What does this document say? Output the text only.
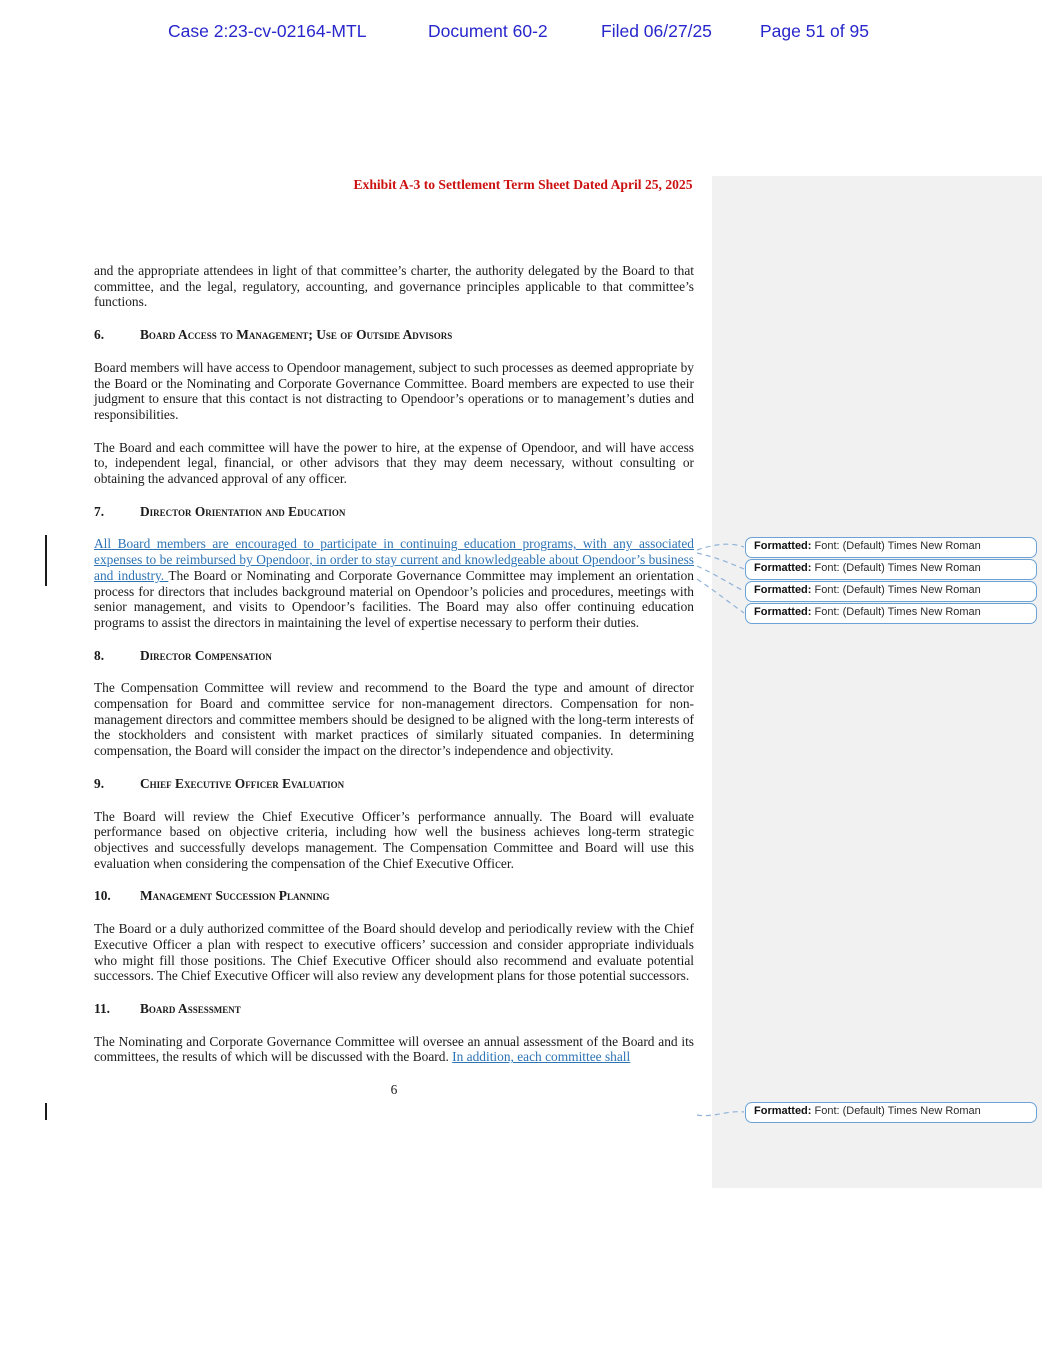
Case 2:23-cv-02164-MTL	Document 60-2	Filed 06/27/25	Page 51 of 95
Exhibit A-3 to Settlement Term Sheet Dated April 25, 2025

and the appropriate attendees in light of that committee’s charter, the authority delegated by the Board to that committee, and the legal, regulatory, accounting, and governance principles applicable to that committee’s functions.

6.	Board Access to Management; Use of Outside Advisors

Board members will have access to Opendoor management, subject to such processes as deemed appropriate by the Board or the Nominating and Corporate Governance Committee. Board members are expected to use their judgment to ensure that this contact is not distracting to Opendoor’s operations or to management’s duties and responsibilities.

The Board and each committee will have the power to hire, at the expense of Opendoor, and will have access to, independent legal, financial, or other advisors that they may deem necessary, without consulting or obtaining the advanced approval of any officer.

7.	Director Orientation and Education

All Board members are encouraged to participate in continuing education programs, with any associated expenses to be reimbursed by Opendoor, in order to stay current and knowledgeable about Opendoor’s business and industry. The Board or Nominating and Corporate Governance Committee may implement an orientation process for directors that includes background material on Opendoor’s policies and procedures, meetings with senior management, and visits to Opendoor’s facilities. The Board may also offer continuing education programs to assist the directors in maintaining the level of expertise necessary to perform their duties.

8.	Director Compensation

The Compensation Committee will review and recommend to the Board the type and amount of director compensation for Board and committee service for non-management directors. Compensation for non-management directors and committee members should be designed to be aligned with the long-term interests of the stockholders and consistent with market practices of similarly situated companies. In determining compensation, the Board will consider the impact on the director’s independence and objectivity.

9.	Chief Executive Officer Evaluation

The Board will review the Chief Executive Officer’s performance annually. The Board will evaluate performance based on objective criteria, including how well the business achieves long-term strategic objectives and successfully develops management. The Compensation Committee and Board will use this evaluation when considering the compensation of the Chief Executive Officer.

10. Management Succession Planning

The Board or a duly authorized committee of the Board should develop and periodically review with the Chief Executive Officer a plan with respect to executive officers’ succession and consider appropriate individuals who might fill those positions. The Chief Executive Officer should also recommend and evaluate potential successors. The Chief Executive Officer will also review any development plans for those potential successors.

11. Board Assessment

The Nominating and Corporate Governance Committee will oversee an annual assessment of the Board and its committees, the results of which will be discussed with the Board. In addition, each committee shall

6
Formatted: Font: (Default) Times New Roman
Formatted: Font: (Default) Times New Roman
Formatted: Font: (Default) Times New Roman
Formatted: Font: (Default) Times New Roman
Formatted: Font: (Default) Times New Roman
